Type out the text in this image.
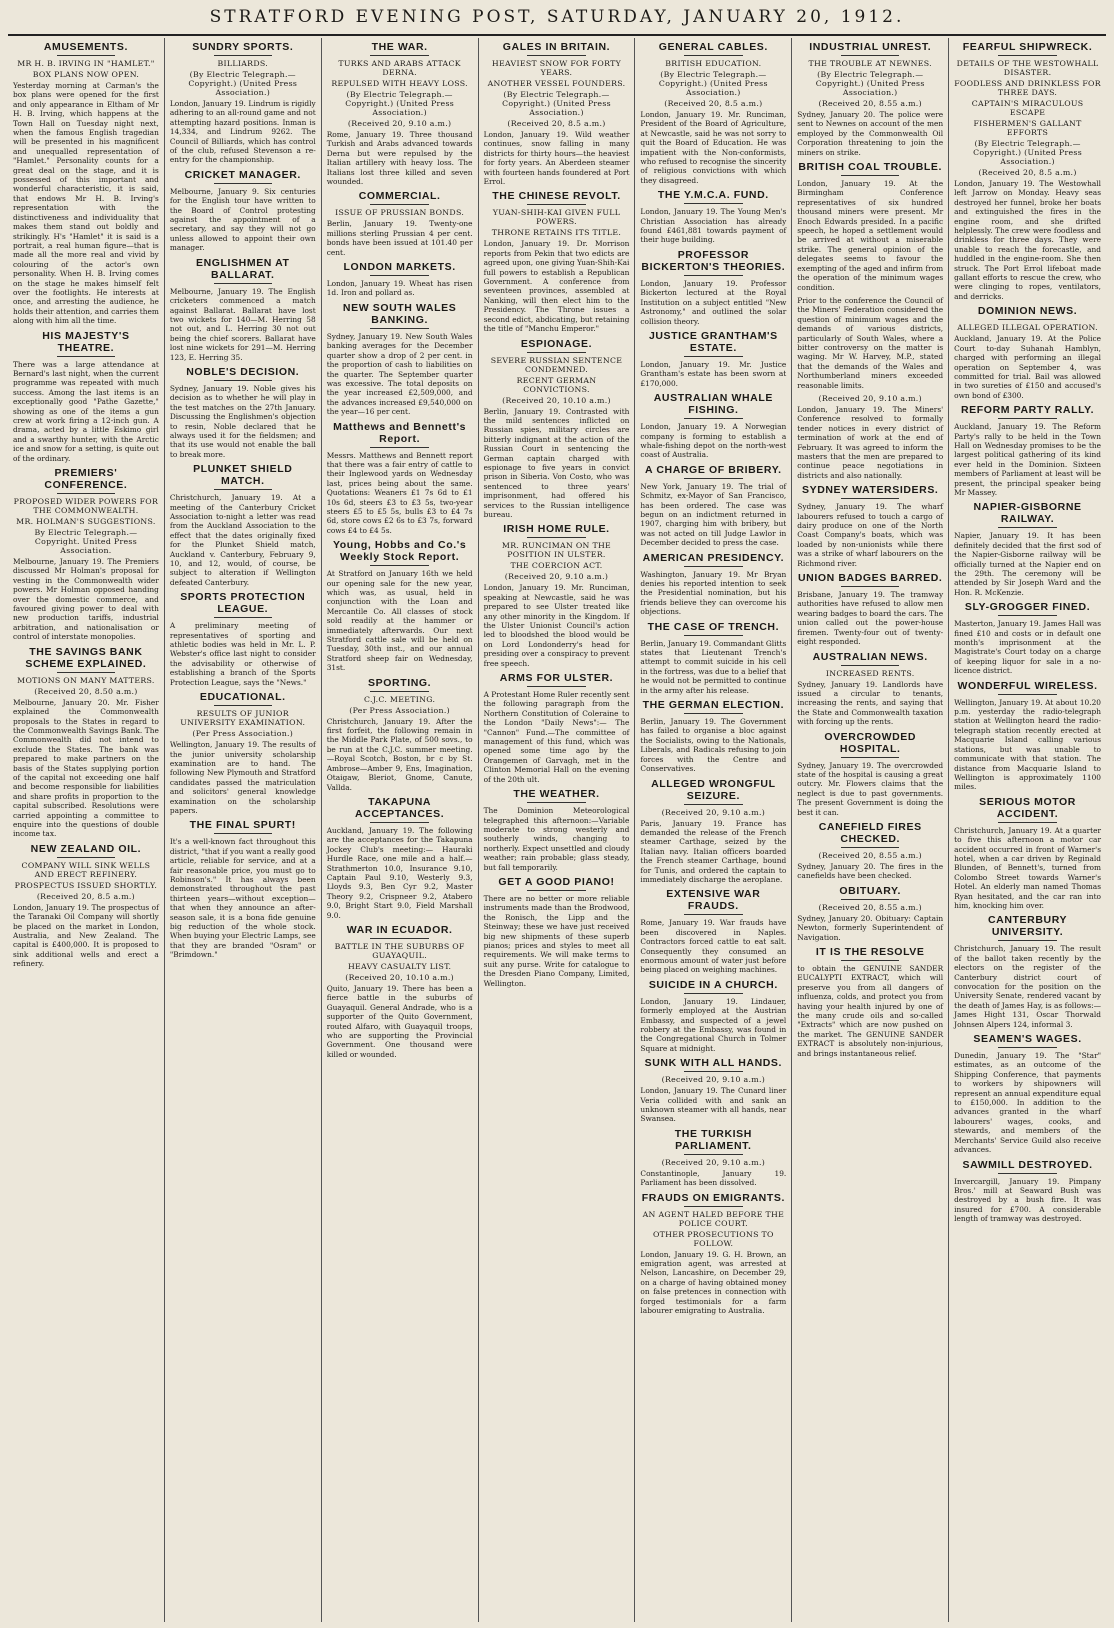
STRATFORD EVENING POST, SATURDAY, JANUARY 20, 1912.
AMUSEMENTS.
MR H. B. IRVING IN "HAMLET."
BOX PLANS NOW OPEN.

Yesterday morning at Carman's the box plans were opened for the first and only appearance in Eltham of Mr H. B. Irving, which happens at the Town Hall on Tuesday night next, when the famous English tragedian will be presented in his magnificent and unequalled representation of "Hamlet." Personality counts for a great deal on the stage, and it is possessed of this important and wonderful characteristic, it is said, that endows Mr H. B. Irving's representation with the distinctiveness and individuality that makes them stand out boldly and strikingly. H's "Hamlet" it is said is a portrait, a real human figure—that is made all the more real and vivid by colouring of the actor's own personality. When H. B. Irving comes on the stage he makes himself felt over the footlights. He interests at once, and arresting the audience, he holds their attention, and carries them along with him all the time.

HIS MAJESTY'S THEATRE.

There was a large attendance at Bernard's last night, when the current programme was repeated with much success. Among the last items is an exceptionally good "Pathe Gazette," showing as one of the items a gun crew at work firing a 12-inch gun. A drama, acted by a little Eskimo girl and a swarthy hunter, with the Arctic ice and snow for a setting, is quite out of the ordinary.

PREMIERS' CONFERENCE.
PROPOSED WIDER POWERS FOR THE COMMONWEALTH.
MR. HOLMAN'S SUGGESTIONS.
By Electric Telegraph.—Copyright. United Press Association.

Melbourne, January 19. The Premiers discussed Mr Holman's proposal for vesting in the Commonwealth wider powers. Mr Holman opposed handing over the domestic commerce, and favoured giving power to deal with new production tariffs, industrial arbitration, and nationalisation or control of interstate monopolies.

THE SAVINGS BANK SCHEME EXPLAINED.
MOTIONS ON MANY MATTERS.
(Received 20, 8.50 a.m.)

Melbourne, January 20. Mr. Fisher explained the Commonwealth proposals to the States in regard to the Commonwealth Savings Bank. The Commonwealth did not intend to exclude the States. The bank was prepared to make partners on the basis of the States supplying portion of the capital not exceeding one half and become responsible for liabilities and share profits in proportion to the capital subscribed. Resolutions were carried appointing a committee to enquire into the questions of double income tax.

NEW ZEALAND OIL.
COMPANY WILL SINK WELLS AND ERECT REFINERY.
PROSPECTUS ISSUED SHORTLY.
(Received 20, 8.5 a.m.)

London, January 19. The prospectus of the Taranaki Oil Company will shortly be placed on the market in London, Australia, and New Zealand. The capital is £400,000. It is proposed to sink additional wells and erect a refinery.

SUNDRY SPORTS.
BILLIARDS.
(By Electric Telegraph.—Copyright.) (United Press Association.)

London, January 19. Lindrum is rigidly adhering to an all-round game and not attempting hazard positions. Inman is 14,334, and Lindrum 9262. The Council of Billiards, which has control of the club, refused Stevenson a re-entry for the championship.

CRICKET MANAGER.

Melbourne, January 9. Six centuries for the English tour have written to the Board of Control protesting against the appointment of a secretary, and say they will not go unless allowed to appoint their own manager.

ENGLISHMEN AT BALLARAT.

Melbourne, January 19. The English cricketers commenced a match against Ballarat. Ballarat have lost two wickets for 140—M. Herring 58 not out, and L. Herring 30 not out being the chief scorers. Ballarat have lost nine wickets for 291—M. Herring 123, E. Herring 35.

NOBLE'S DECISION.

Sydney, January 19. Noble gives his decision as to whether he will play in the test matches on the 27th January. Discussing the Englishmen's objection to resin, Noble declared that he always used it for the fieldsmen; and that its use would not enable the ball to break more.

PLUNKET SHIELD MATCH.

Christchurch, January 19. At a meeting of the Canterbury Cricket Association to-night a letter was read from the Auckland Association to the effect that the dates originally fixed for the Plunket Shield match, Auckland v. Canterbury, February 9, 10, and 12, would, of course, be subject to alteration if Wellington defeated Canterbury.

SPORTS PROTECTION LEAGUE.

A preliminary meeting of representatives of sporting and athletic bodies was held in Mr. L. P. Webster's office last night to consider the advisability or otherwise of establishing a branch of the Sports Protection League, says the "News."

EDUCATIONAL.
RESULTS OF JUNIOR UNIVERSITY EXAMINATION.
(Per Press Association.)

Wellington, January 19. The results of the junior university scholarship examination are to hand. The following New Plymouth and Stratford candidates passed the matriculation and solicitors' general knowledge examination on the scholarship papers.

THE FINAL SPURT!

It's a well-known fact throughout this district, "that if you want a really good article, reliable for service, and at a fair reasonable price, you must go to Robinson's." It has always been demonstrated throughout the past thirteen years—without exception—that when they announce an after-season sale, it is a bona fide genuine big reduction of the whole stock. When buying your Electric Lamps, see that they are branded "Osram" or "Brimdown."

THE WAR.
TURKS AND ARABS ATTACK DERNA.
REPULSED WITH HEAVY LOSS.
(By Electric Telegraph.—Copyright.) (United Press Association.)
(Received 20, 9.10 a.m.)

Rome, January 19. Three thousand Turkish and Arabs advanced towards Derna but were repulsed by the Italian artillery with heavy loss. The Italians lost three killed and seven wounded.

COMMERCIAL.
ISSUE OF PRUSSIAN BONDS.

Berlin, January 19. Twenty-one millions sterling Prussian 4 per cent. bonds have been issued at 101.40 per cent.

LONDON MARKETS.

London, January 19. Wheat has risen 1d. Iron and pollard as.

NEW SOUTH WALES BANKING.

Sydney, January 19. New South Wales banking averages for the December quarter show a drop of 2 per cent. in the proportion of cash to liabilities on the quarter. The September quarter was excessive. The total deposits on the year increased £2,509,000, and the advances increased £9,540,000 on the year—16 per cent.

Matthews and Bennett's Report.

Messrs. Matthews and Bennett report that there was a fair entry of cattle to their Inglewood yards on Wednesday last, prices being about the same. Quotations: Weaners £1 7s 6d to £1 10s 6d, steers £3 to £3 5s, two-year steers £5 to £5 5s, bulls £3 to £4 7s 6d, store cows £2 6s to £3 7s, forward cows £4 to £4 5s.

Young, Hobbs and Co.'s Weekly Stock Report.

At Stratford on January 16th we held our opening sale for the new year, which was, as usual, held in conjunction with the Loan and Mercantile Co. All classes of stock sold readily at the hammer or immediately afterwards. Our next Stratford cattle sale will be held on Tuesday, 30th inst., and our annual Stratford sheep fair on Wednesday, 31st.

SPORTING.
C.J.C. MEETING.
(Per Press Association.)

Christchurch, January 19. After the first forfeit, the following remain in the Middle Park Plate, of 500 sovs., to be run at the C.J.C. summer meeting.—Royal Scotch, Boston, br c by St. Ambrose—Amber 9, Ens, Imagination, Otaigaw, Bleriot, Gnome, Canute, Vallda.

TAKAPUNA ACCEPTANCES.

Auckland, January 19. The following are the acceptances for the Takapuna Jockey Club's meeting:— Hauraki Hurdle Race, one mile and a half.—Strathmerton 10.0, Insurance 9.10, Captain Paul 9.10, Westerly 9.3, Lloyds 9.3, Ben Cyr 9.2, Master Theory 9.2, Crispneer 9.2, Atabero 9.0, Bright Start 9.0, Field Marshall 9.0.

WAR IN ECUADOR.
BATTLE IN THE SUBURBS OF GUAYAQUIL.
HEAVY CASUALTY LIST.
(Received 20, 10.10 a.m.)

Quito, January 19. There has been a fierce battle in the suburbs of Guayaquil. General Andrade, who is a supporter of the Quito Government, routed Alfaro, with Guayaquil troops, who are supporting the Provincial Government. One thousand were killed or wounded.

GALES IN BRITAIN.
HEAVIEST SNOW FOR FORTY YEARS.
ANOTHER VESSEL FOUNDERS.
(By Electric Telegraph.—Copyright.) (United Press Association.)
(Received 20, 8.5 a.m.)

London, January 19. Wild weather continues, snow falling in many districts for thirty hours—the heaviest for forty years. An Aberdeen steamer with fourteen hands foundered at Port Errol.

THE CHINESE REVOLT.
YUAN-SHIH-KAI GIVEN FULL POWERS.
THRONE RETAINS ITS TITLE.

London, January 19. Dr. Morrison reports from Pekin that two edicts are agreed upon, one giving Yuan-Shih-Kai full powers to establish a Republican Government. A conference from seventeen provinces, assembled at Nanking, will then elect him to the Presidency. The Throne issues a second edict, abdicating, but retaining the title of "Manchu Emperor."

ESPIONAGE.
SEVERE RUSSIAN SENTENCE CONDEMNED.
RECENT GERMAN CONVICTIONS.
(Received 20, 10.10 a.m.)

Berlin, January 19. Contrasted with the mild sentences inflicted on Russian spies, military circles are bitterly indignant at the action of the Russian Court in sentencing the German captain charged with espionage to five years in convict prison in Siberia. Von Costo, who was sentenced to three years' imprisonment, had offered his services to the Russian intelligence bureau.

IRISH HOME RULE.
MR. RUNCIMAN ON THE POSITION IN ULSTER.
THE COERCION ACT.
(Received 20, 9.10 a.m.)

London, January 19. Mr. Runciman, speaking at Newcastle, said he was prepared to see Ulster treated like any other minority in the Kingdom. If the Ulster Unionist Council's action led to bloodshed the blood would be on Lord Londonderry's head for presiding over a conspiracy to prevent free speech.

ARMS FOR ULSTER.

A Protestant Home Ruler recently sent the following paragraph from the Northern Constitution of Coleraine to the London "Daily News":— The "Cannon" Fund.—The committee of management of this fund, which was opened some time ago by the Orangemen of Garvagh, met in the Clinton Memorial Hall on the evening of the 20th ult.

THE WEATHER.

The Dominion Meteorological telegraphed this afternoon:—Variable moderate to strong westerly and southerly winds, changing to northerly. Expect unsettled and cloudy weather; rain probable; glass steady, but fall temporarily.

GET A GOOD PIANO!

There are no better or more reliable instruments made than the Brodwood, the Ronisch, the Lipp and the Steinway; these we have just received big new shipments of these superb pianos; prices and styles to meet all requirements. We will make terms to suit any purse. Write for catalogue to the Dresden Piano Company, Limited, Wellington.

GENERAL CABLES.
BRITISH EDUCATION.
(By Electric Telegraph.—Copyright.) (United Press Association.)
(Received 20, 8.5 a.m.)

London, January 19. Mr. Runciman, President of the Board of Agriculture, at Newcastle, said he was not sorry to quit the Board of Education. He was impatient with the Non-conformists, who refused to recognise the sincerity of religious convictions with which they disagreed.

THE Y.M.C.A. FUND.

London, January 19. The Young Men's Christian Association has already found £461,881 towards payment of their huge building.

PROFESSOR BICKERTON'S THEORIES.

London, January 19. Professor Bickerton lectured at the Royal Institution on a subject entitled "New Astronomy," and outlined the solar collision theory.

JUSTICE GRANTHAM'S ESTATE.

London, January 19. Mr. Justice Grantham's estate has been sworn at £170,000.

AUSTRALIAN WHALE FISHING.

London, January 19. A Norwegian company is forming to establish a whale-fishing depot on the north-west coast of Australia.

A CHARGE OF BRIBERY.

New York, January 19. The trial of Schmitz, ex-Mayor of San Francisco, has been ordered. The case was begun on an indictment returned in 1907, charging him with bribery, but was not acted on till Judge Lawlor in December decided to press the case.

AMERICAN PRESIDENCY.

Washington, January 19. Mr Bryan denies his reported intention to seek the Presidential nomination, but his friends believe they can overcome his objections.

THE CASE OF TRENCH.

Berlin, January 19. Commandant Glitts states that Lieutenant Trench's attempt to commit suicide in his cell in the fortress, was due to a belief that he would not be permitted to continue in the army after his release.

THE GERMAN ELECTION.

Berlin, January 19. The Government has failed to organise a bloc against the Socialists, owing to the Nationals, Liberals, and Radicals refusing to join forces with the Centre and Conservatives.

ALLEGED WRONGFUL SEIZURE.
(Received 20, 9.10 a.m.)

Paris, January 19. France has demanded the release of the French steamer Carthage, seized by the Italian navy. Italian officers boarded the French steamer Carthage, bound for Tunis, and ordered the captain to immediately discharge the aeroplane.

EXTENSIVE WAR FRAUDS.

Rome, January 19. War frauds have been discovered in Naples. Contractors forced cattle to eat salt. Consequently they consumed an enormous amount of water just before being placed on weighing machines.

SUICIDE IN A CHURCH.

London, January 19. Lindauer, formerly employed at the Austrian Embassy, and suspected of a jewel robbery at the Embassy, was found in the Congregational Church in Tolmer Square at midnight.

SUNK WITH ALL HANDS.
(Received 20, 9.10 a.m.)

London, January 19. The Cunard liner Veria collided with and sank an unknown steamer with all hands, near Swansea.

THE TURKISH PARLIAMENT.
(Received 20, 9.10 a.m.)

Constantinople, January 19. Parliament has been dissolved.

FRAUDS ON EMIGRANTS.
AN AGENT HALED BEFORE THE POLICE COURT.
OTHER PROSECUTIONS TO FOLLOW.

London, January 19. G. H. Brown, an emigration agent, was arrested at Nelson, Lancashire, on December 29, on a charge of having obtained money on false pretences in connection with forged testimonials for a farm labourer emigrating to Australia.

INDUSTRIAL UNREST.
THE TROUBLE AT NEWNES.
(By Electric Telegraph.—Copyright.) (United Press Association.)
(Received 20, 8.55 a.m.)

Sydney, January 20. The police were sent to Newnes on account of the men employed by the Commonwealth Oil Corporation threatening to join the miners on strike.

BRITISH COAL TROUBLE.

London, January 19. At the Birmingham Conference representatives of six hundred thousand miners were present. Mr Enoch Edwards presided. In a pacific speech, he hoped a settlement would be arrived at without a miserable strike. The general opinion of the delegates seems to favour the exempting of the aged and infirm from the operation of the minimum wages condition.

Prior to the conference the Council of the Miners' Federation considered the question of minimum wages and the demands of various districts, particularly of South Wales, where a bitter controversy on the matter is waging. Mr W. Harvey, M.P., stated that the demands of the Wales and Northumberland miners exceeded reasonable limits.

(Received 20, 9.10 a.m.)

London, January 19. The Miners' Conference resolved to formally tender notices in every district of termination of work at the end of February. It was agreed to inform the masters that the men are prepared to continue peace negotiations in districts and also nationally.

SYDNEY WATERSIDERS.

Sydney, January 19. The wharf labourers refused to touch a cargo of dairy produce on one of the North Coast Company's boats, which was loaded by non-unionists while there was a strike of wharf labourers on the Richmond river.

UNION BADGES BARRED.

Brisbane, January 19. The tramway authorities have refused to allow men wearing badges to board the cars. The union called out the power-house firemen. Twenty-four out of twenty-eight responded.

AUSTRALIAN NEWS.
INCREASED RENTS.

Sydney, January 19. Landlords have issued a circular to tenants, increasing the rents, and saying that the State and Commonwealth taxation with forcing up the rents.

OVERCROWDED HOSPITAL.

Sydney, January 19. The overcrowded state of the hospital is causing a great outcry. Mr. Flowers claims that the neglect is due to past governments. The present Government is doing the best it can.

CANEFIELD FIRES CHECKED.
(Received 20, 8.55 a.m.)

Sydney, January 20. The fires in the canefields have been checked.

OBITUARY.
(Received 20, 8.55 a.m.)

Sydney, January 20. Obituary: Captain Newton, formerly Superintendent of Navigation.

IT IS THE RESOLVE

to obtain the GENUINE SANDER EUCALYPTI EXTRACT, which will preserve you from all dangers of influenza, colds, and protect you from having your health injured by one of the many crude oils and so-called "Extracts" which are now pushed on the market. The GENUINE SANDER EXTRACT is absolutely non-injurious, and brings instantaneous relief.

FEARFUL SHIPWRECK.
DETAILS OF THE WESTOWHALL DISASTER.
FOODLESS AND DRINKLESS FOR THREE DAYS.
CAPTAIN'S MIRACULOUS ESCAPE
FISHERMEN'S GALLANT EFFORTS
(By Electric Telegraph.—Copyright.) (United Press Association.)
(Received 20, 8.5 a.m.)

London, January 19. The Westowhall left Jarrow on Monday. Heavy seas destroyed her funnel, broke her boats and extinguished the fires in the engine room, and she drifted helplessly. The crew were foodless and drinkless for three days. They were unable to reach the forecastle, and huddled in the engine-room. She then struck. The Port Errol lifeboat made gallant efforts to rescue the crew, who were clinging to ropes, ventilators, and derricks.

DOMINION NEWS.
ALLEGED ILLEGAL OPERATION.

Auckland, January 19. At the Police Court to-day Suhanah Hamblyn, charged with performing an illegal operation on September 4, was committed for trial. Bail was allowed in two sureties of £150 and accused's own bond of £300.

REFORM PARTY RALLY.

Auckland, January 19. The Reform Party's rally to be held in the Town Hall on Wednesday promises to be the largest political gathering of its kind ever held in the Dominion. Sixteen members of Parliament at least will be present, the principal speaker being Mr Massey.

NAPIER-GISBORNE RAILWAY.

Napier, January 19. It has been definitely decided that the first sod of the Napier-Gisborne railway will be officially turned at the Napier end on the 29th. The ceremony will be attended by Sir Joseph Ward and the Hon. R. McKenzie.

SLY-GROGGER FINED.

Masterton, January 19. James Hall was fined £10 and costs or in default one month's imprisonment at the Magistrate's Court today on a charge of keeping liquor for sale in a no-licence district.

WONDERFUL WIRELESS.

Wellington, January 19. At about 10.20 p.m. yesterday the radio-telegraph station at Wellington heard the radio-telegraph station recently erected at Macquarie Island calling various stations, but was unable to communicate with that station. The distance from Macquarie Island to Wellington is approximately 1100 miles.

SERIOUS MOTOR ACCIDENT.

Christchurch, January 19. At a quarter to five this afternoon a motor car accident occurred in front of Warner's hotel, when a car driven by Reginald Blunden, of Bennett's, turned from Colombo Street towards Warner's Hotel. An elderly man named Thomas Ryan hesitated, and the car ran into him, knocking him over.

CANTERBURY UNIVERSITY.

Christchurch, January 19. The result of the ballot taken recently by the electors on the register of the Canterbury district court of convocation for the position on the University Senate, rendered vacant by the death of James Hay, is as follows:—James Hight 131, Oscar Thorwald Johnsen Alpers 124, informal 3.

SEAMEN'S WAGES.

Dunedin, January 19. The "Star" estimates, as an outcome of the Shipping Conference, that payments to workers by shipowners will represent an annual expenditure equal to £150,000. In addition to the advances granted in the wharf labourers' wages, cooks, and stewards, and members of the Merchants' Service Guild also receive advances.

SAWMILL DESTROYED.

Invercargill, January 19. Pimpany Bros.' mill at Seaward Bush was destroyed by a bush fire. It was insured for £700. A considerable length of tramway was destroyed.
